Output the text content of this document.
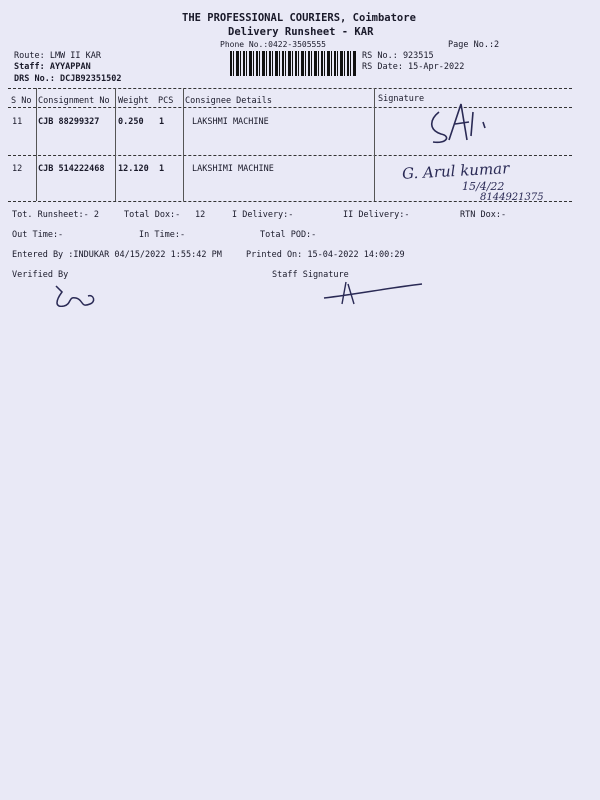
THE PROFESSIONAL COURIERS, Coimbatore
Delivery Runsheet - KAR
Phone No.:0422-3505555	Page No.:2
Route: LMW II KAR
Staff: AYYAPPAN
DRS No.: DCJB92351502
RS No.: 923515
RS Date: 15-Apr-2022
S No Consignment No Weight PCS Consignee Details	Signature
11 CJB 88299327 0.250 1	LAKSHMI MACHINE
12 CJB 514222468 12.120 1	LAKSHIMI MACHINE	G. Arul kumar
15/4/22
8144921375
Tot. Runsheet:- 2	Total Dox:- 12	I Delivery:-	II Delivery:-	RTN Dox:-
Out Time:-	In Time:-	Total POD:-
Entered By :INDUKAR 04/15/2022 1:55:42 PM	Printed On: 15-04-2022 14:00:29
Verified By	Staff Signature
